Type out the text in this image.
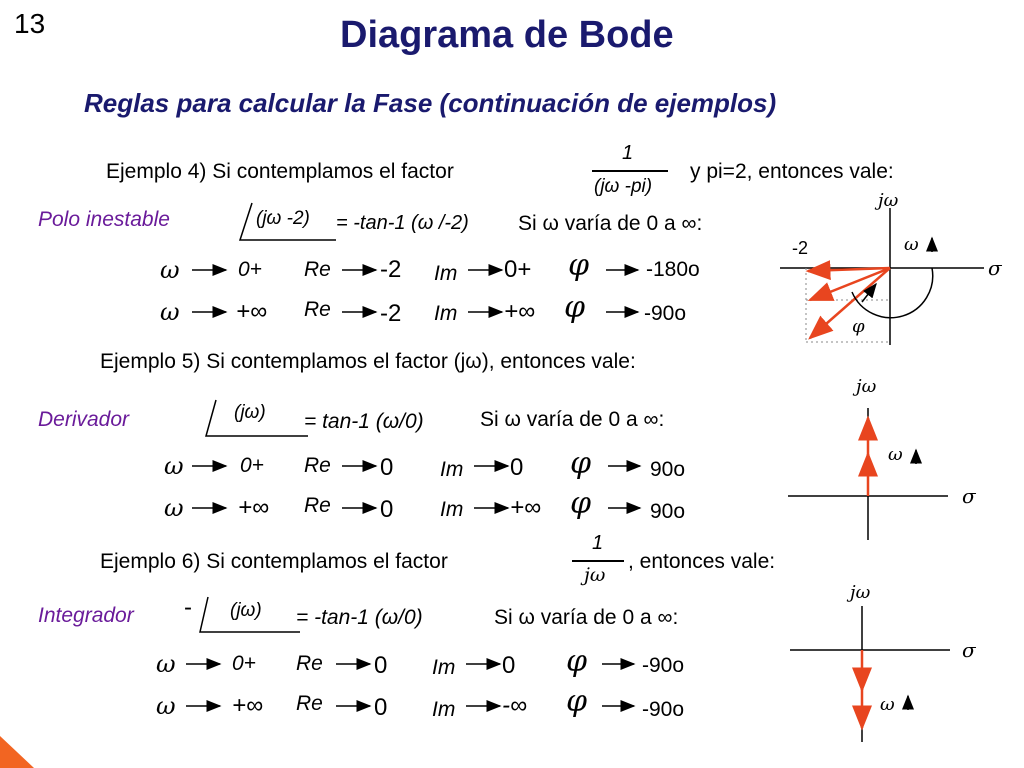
13	Diagrama de Bode
Reglas para calcular la Fase (continuación de ejemplos)
Ejemplo 4) Si contemplamos el factor
1
(jω -pi)
y pi=2, entonces vale:
Polo inestable	(jω -2) = -tan-1 (ω /-2) Si ω varía de 0 a ∞:
ω	0+ Re -2 Im 0+ φ	-180o
ω +∞ Re -2 Im +∞ φ	-90o
jω
σ
ω
φ
-2
Ejemplo 5) Si contemplamos el factor (jω), entonces vale:
Derivador	(jω) = tan-1 (ω/0)	Si ω varía de 0 a ∞:
ω	0+ Re 0 Im 0 φ	90o
ω +∞ Re 0 Im +∞ φ	90o
jω
σ
ω
Ejemplo 6) Si contemplamos el factor
1
jω
, entonces vale:
Integrador - (jω) = -tan-1 (ω/0)	Si ω varía de 0 a ∞:
ω	0+ Re 0 Im 0 φ	-90o
ω +∞ Re 0 Im -∞ φ	-90o
jω
σ
ω
